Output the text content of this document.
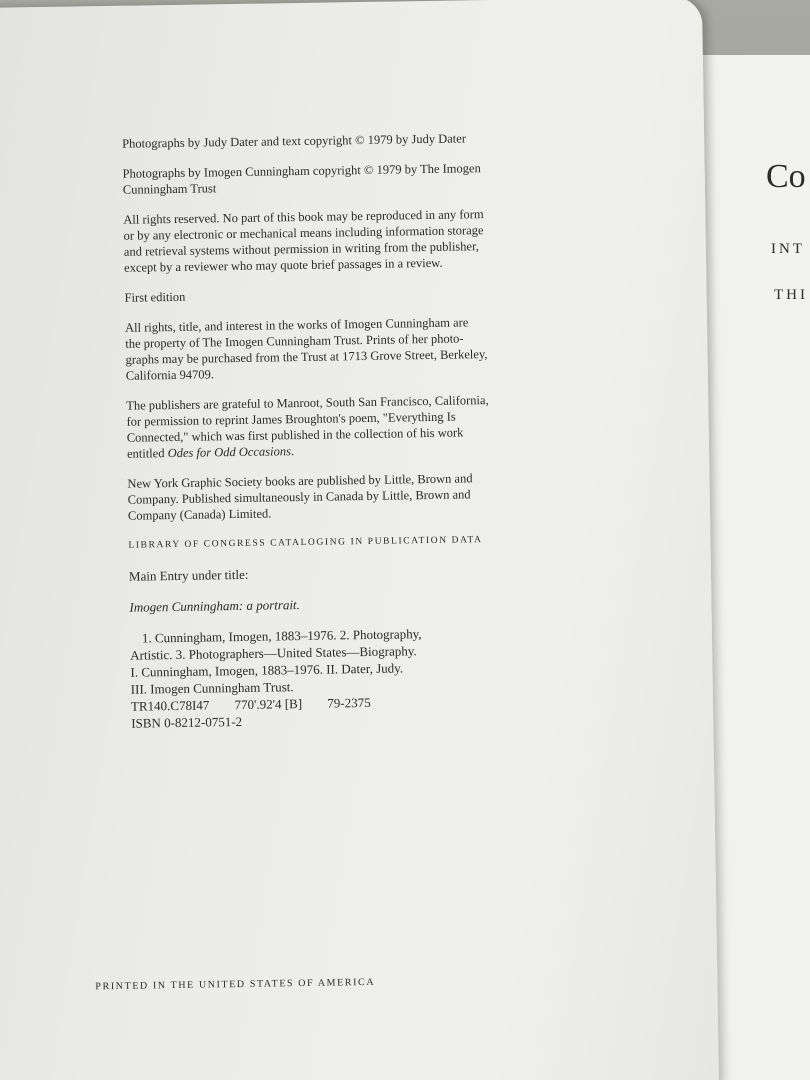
Co
INT
THI

Photographs by Judy Dater and text copyright © 1979 by Judy Dater

Photographs by Imogen Cunningham copyright © 1979 by The Imogen
Cunningham Trust

All rights reserved. No part of this book may be reproduced in any form
or by any electronic or mechanical means including information storage
and retrieval systems without permission in writing from the publisher,
except by a reviewer who may quote brief passages in a review.

First edition

All rights, title, and interest in the works of Imogen Cunningham are
the property of The Imogen Cunningham Trust. Prints of her photo-
graphs may be purchased from the Trust at 1713 Grove Street, Berkeley,
California 94709.

The publishers are grateful to Manroot, South San Francisco, California,
for permission to reprint James Broughton's poem, "Everything Is
Connected," which was first published in the collection of his work
entitled Odes for Odd Occasions.

New York Graphic Society books are published by Little, Brown and
Company. Published simultaneously in Canada by Little, Brown and
Company (Canada) Limited.

LIBRARY OF CONGRESS CATALOGING IN PUBLICATION DATA

Main Entry under title:

Imogen Cunningham: a portrait.

1. Cunningham, Imogen, 1883–1976. 2. Photography,
Artistic. 3. Photographers—United States—Biography.
I. Cunningham, Imogen, 1883–1976. II. Dater, Judy.
III. Imogen Cunningham Trust.
TR140.C78I47 770'.92'4 [B] 79-2375
ISBN 0-8212-0751-2

PRINTED IN THE UNITED STATES OF AMERICA
